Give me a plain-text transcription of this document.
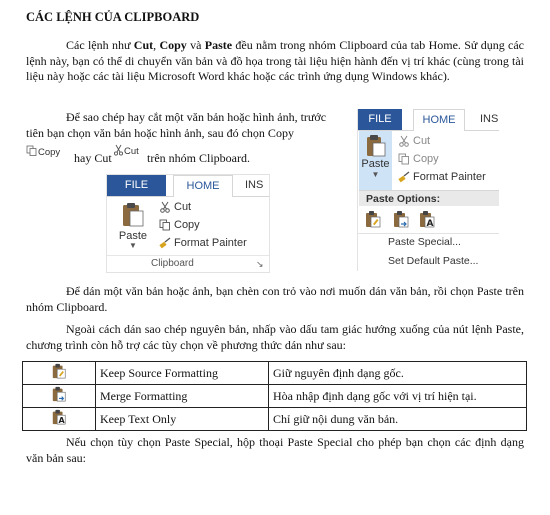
CÁC LỆNH CỦA CLIPBOARD

Các lệnh như Cut, Copy và Paste đều nằm trong nhóm Clipboard của tab Home. Sử dụng các lệnh này, bạn có thể di chuyển văn bản và đồ họa trong tài liệu hiện hành đến vị trí khác (cùng trong tài liệu này hoặc các tài liệu Microsoft Word khác hoặc các trình ứng dụng Windows khác).

Để sao chép hay cắt một văn bản hoặc hình ảnh, trước
tiên bạn chọn văn bản hoặc hình ảnh, sau đó chọn Copy
Copy hay Cut	Cut trên nhóm Clipboard.
FILE	HOME	INS
Paste
▼
Cut
Copy
Format Painter
Clipboard	↘
FILE	HOME	INS
Paste
▼
Cut
Copy
Format Painter
Paste Options:
A
Paste Special...
Set Default Paste...

Để dán một văn bản hoặc ảnh, bạn chèn con trỏ vào nơi muốn dán văn bản, rồi chọn Paste trên nhóm Clipboard.

Ngoài cách dán sao chép nguyên bản, nhấp vào dấu tam giác hướng xuống của nút lệnh Paste, chương trình còn hỗ trợ các tùy chọn về phương thức dán như sau:

	Keep Source Formatting	Giữ nguyên định dạng gốc.
	Merge Formatting	Hòa nhập định dạng gốc với vị trí hiện tại.

A	Keep Text Only	Chỉ giữ nội dung văn bản.

Nếu chọn tùy chọn Paste Special, hộp thoại Paste Special cho phép bạn chọn các định dạng văn bản sau:
